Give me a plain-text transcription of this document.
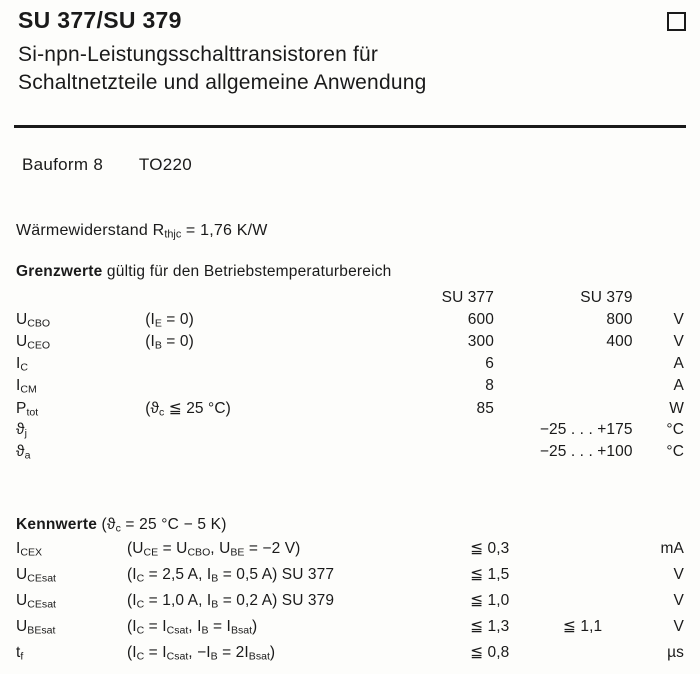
SU 377/SU 379
Si-npn-Leistungsschalttransistoren für
Schaltnetzteile und allgemeine Anwendung
Bauform 8 TO220
Wärmewiderstand $R_{thjc} = 1,76$ K/W
Grenzwerte gültig für den Betriebstemperaturbereich
		SU 377	SU 379	
$U_{CBO}$	$(I_E = 0)$	600	800	V
$U_{CEO}$	$(I_B = 0)$	300	400	V
$I_C$		6		A
$I_{CM}$		8		A
$P_{tot}$	($ϑ_c$ ≦ 25 °C)	85		W
$ϑ_j$			−25 . . . +175	°C
$ϑ_a$			−25 . . . +100	°C
Kennwerte ($ϑ_c = 25$ °C − 5 K)
$I_{CEX}$	($U_{CE} = U_{CBO}$, $U_{BE} = -2$ V)	≦ 0,3		mA
$U_{CEsat}$	($I_C = 2,5$ A, $I_B = 0,5$ A) SU 377	≦ 1,5		V
$U_{CEsat}$	($I_C = 1,0$ A, $I_B = 0,2$ A) SU 379	≦ 1,0		V
$U_{BEsat}$	($I_C = I_{Csat}$, $I_B = I_{Bsat}$)	≦ 1,3	≦ 1,1	V
$t_f$	($I_C = I_{Csat}$, $-I_B = 2I_{Bsat}$)	≦ 0,8		µs
